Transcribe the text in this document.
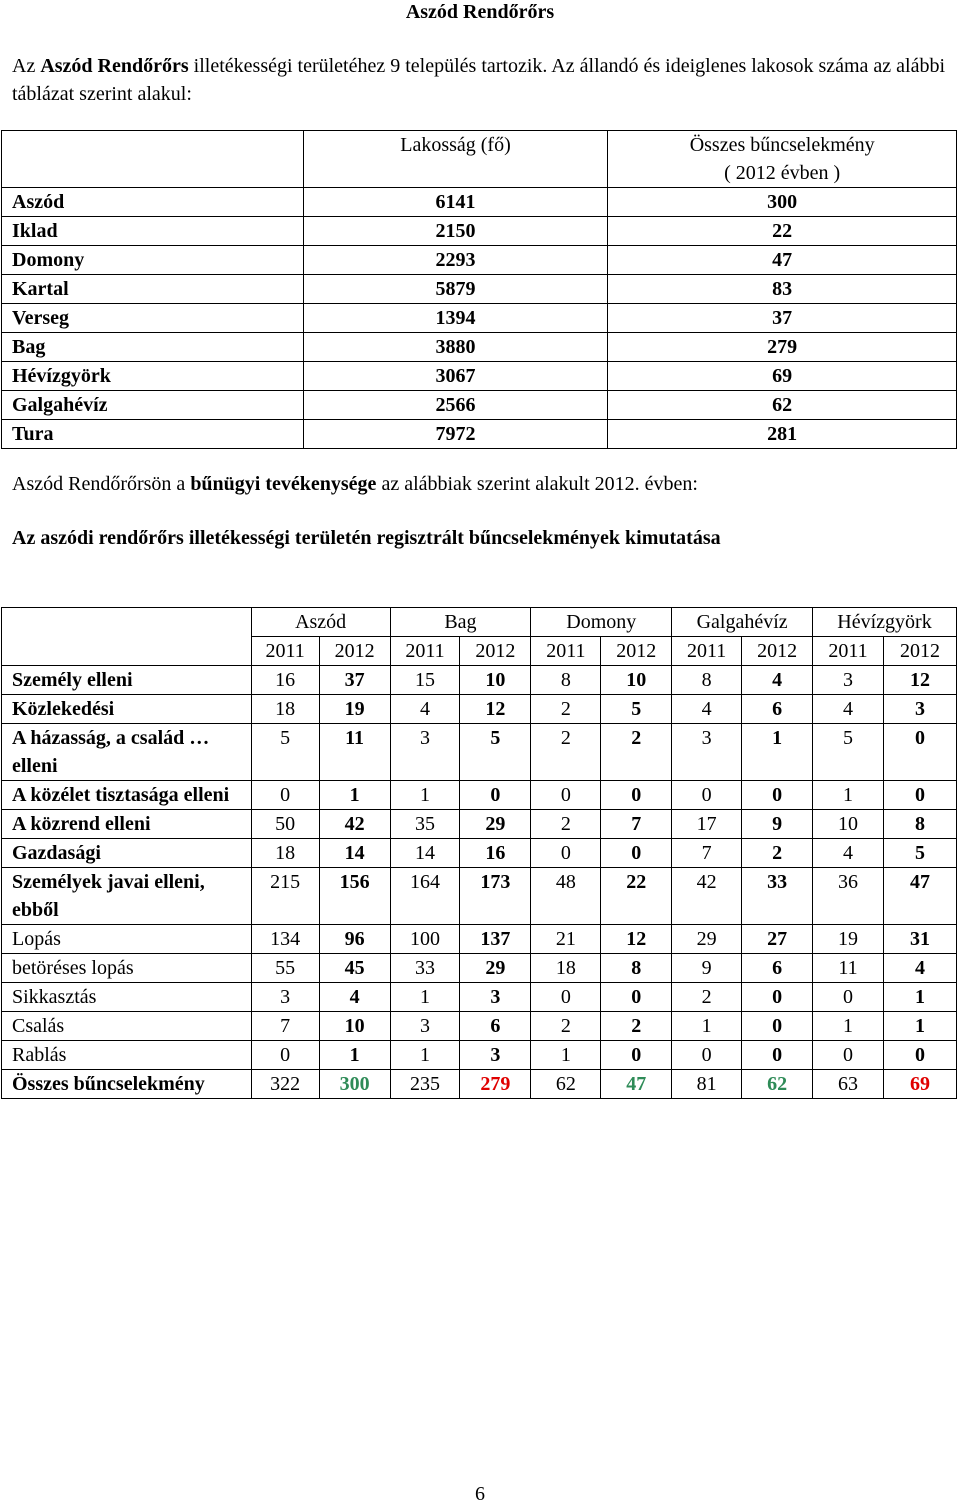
Aszód Rendőrőrs
Az Aszód Rendőrőrs illetékességi területéhez 9 település tartozik. Az állandó és ideiglenes lakosok száma az alábbi táblázat szerint alakul:
	Lakosság (fő)	Összes bűncselekmény
( 2012 évben )

Aszód	6141	300
Iklad	2150	22
Domony	2293	47
Kartal	5879	83
Verseg	1394	37
Bag	3880	279
Hévízgyörk	3067	69
Galgahévíz	2566	62
Tura	7972	281
Aszód Rendőrőrsön a bűnügyi tevékenysége az alábbiak szerint alakult 2012. évben:
Az aszódi rendőrőrs illetékességi területén regisztrált bűncselekmények kimutatása
	Aszód		Bag		Domony		Galgahévíz		Hévízgyörk	
	2011	2012	2011	2012	2011	2012	2011	2012	2011	2012
Személy elleni	16	37	15	10	8	10	8	4	3	12
Közlekedési	18	19	4	12	2	5	4	6	4	3
A házasság, a család … elleni	5	11	3	5	2	2	3	1	5	0
A közélet tisztasága elleni	0	1	1	0	0	0	0	0	1	0
A közrend elleni	50	42	35	29	2	7	17	9	10	8
Gazdasági	18	14	14	16	0	0	7	2	4	5
Személyek javai elleni, ebből	215	156	164	173	48	22	42	33	36	47
Lopás	134	96	100	137	21	12	29	27	19	31
betöréses lopás	55	45	33	29	18	8	9	6	11	4
Sikkasztás	3	4	1	3	0	0	2	0	0	1
Csalás	7	10	3	6	2	2	1	0	1	1
Rablás	0	1	1	3	1	0	0	0	0	0
Összes bűncselekmény	322	300	235	279	62	47	81	62	63	69
6
